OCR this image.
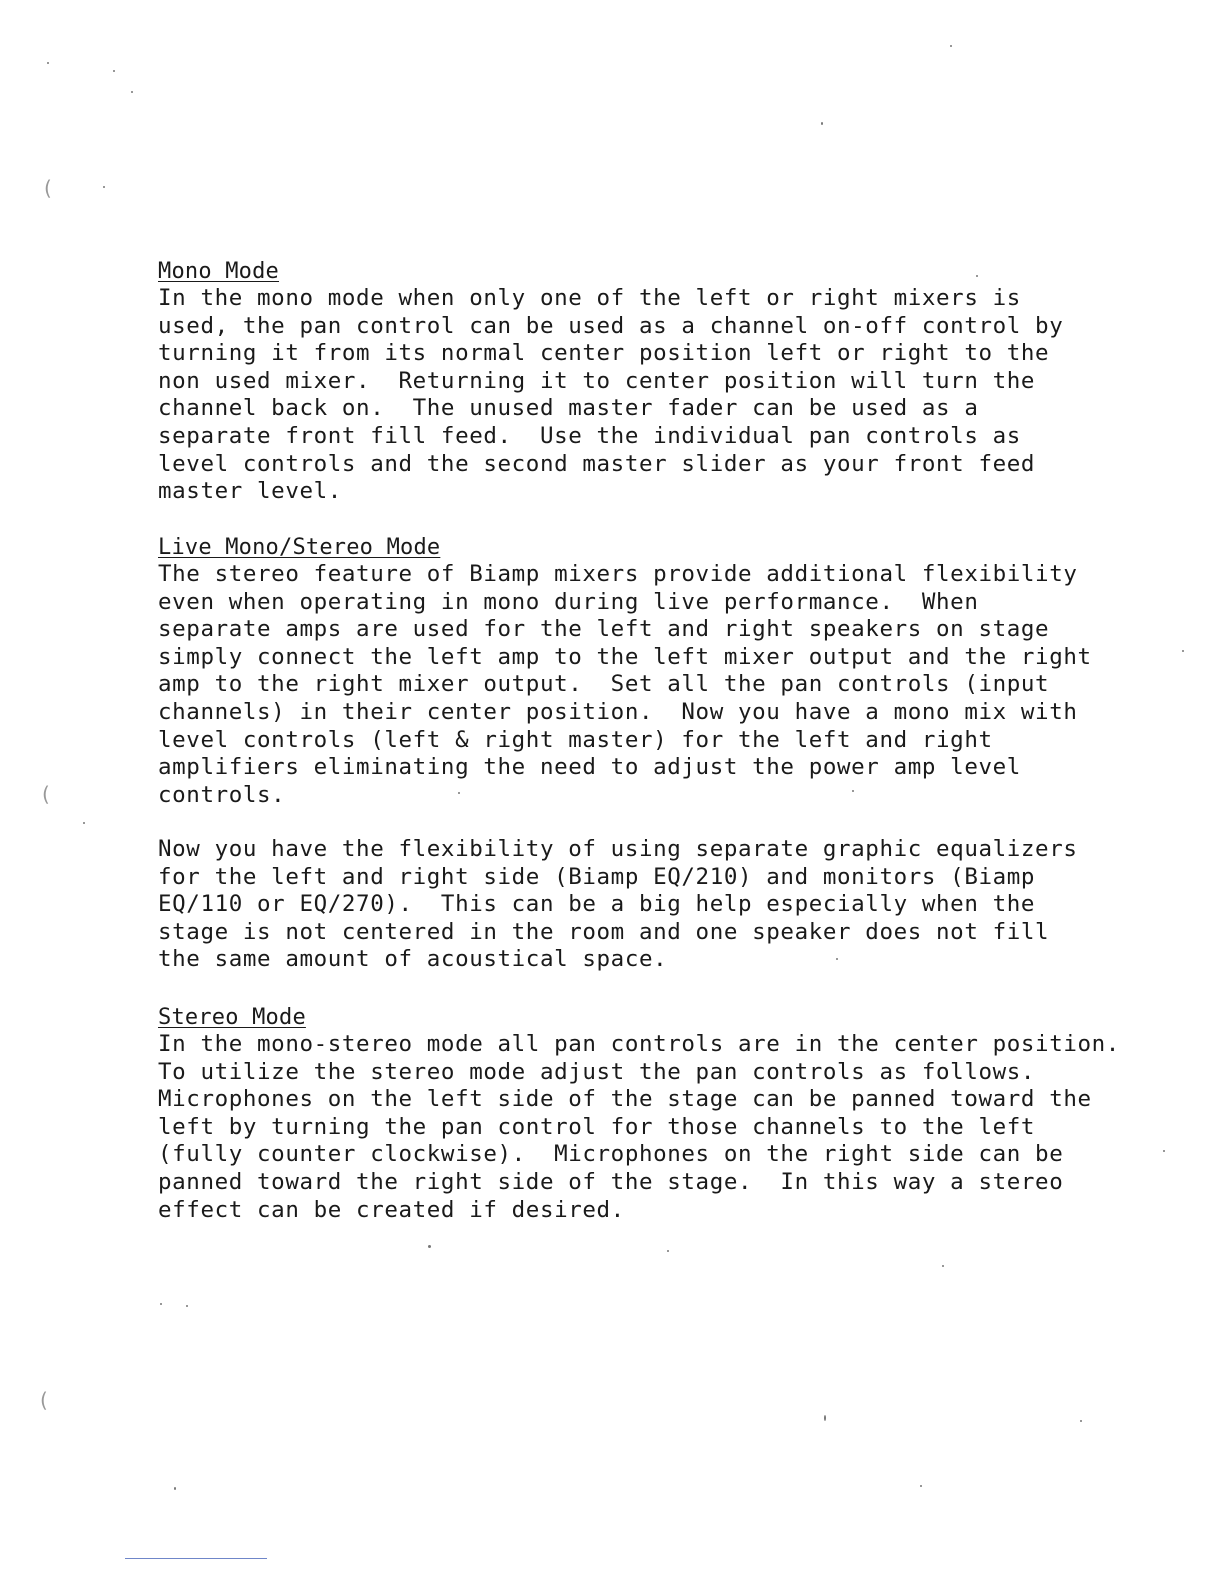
Mono Mode
In the mono mode when only one of the left or right mixers is
used, the pan control can be used as a channel on-off control by
turning it from its normal center position left or right to the
non used mixer.  Returning it to center position will turn the
channel back on.  The unused master fader can be used as a
separate front fill feed.  Use the individual pan controls as
level controls and the second master slider as your front feed
master level.
Live Mono/Stereo Mode
The stereo feature of Biamp mixers provide additional flexibility
even when operating in mono during live performance.  When
separate amps are used for the left and right speakers on stage
simply connect the left amp to the left mixer output and the right
amp to the right mixer output.  Set all the pan controls (input
channels) in their center position.  Now you have a mono mix with
level controls (left & right master) for the left and right
amplifiers eliminating the need to adjust the power amp level
controls.
Now you have the flexibility of using separate graphic equalizers
for the left and right side (Biamp EQ/210) and monitors (Biamp
EQ/110 or EQ/270).  This can be a big help especially when the
stage is not centered in the room and one speaker does not fill
the same amount of acoustical space.
Stereo Mode
In the mono-stereo mode all pan controls are in the center position.
To utilize the stereo mode adjust the pan controls as follows.
Microphones on the left side of the stage can be panned toward the
left by turning the pan control for those channels to the left
(fully counter clockwise).  Microphones on the right side can be
panned toward the right side of the stage.  In this way a stereo
effect can be created if desired.
(
(
(
